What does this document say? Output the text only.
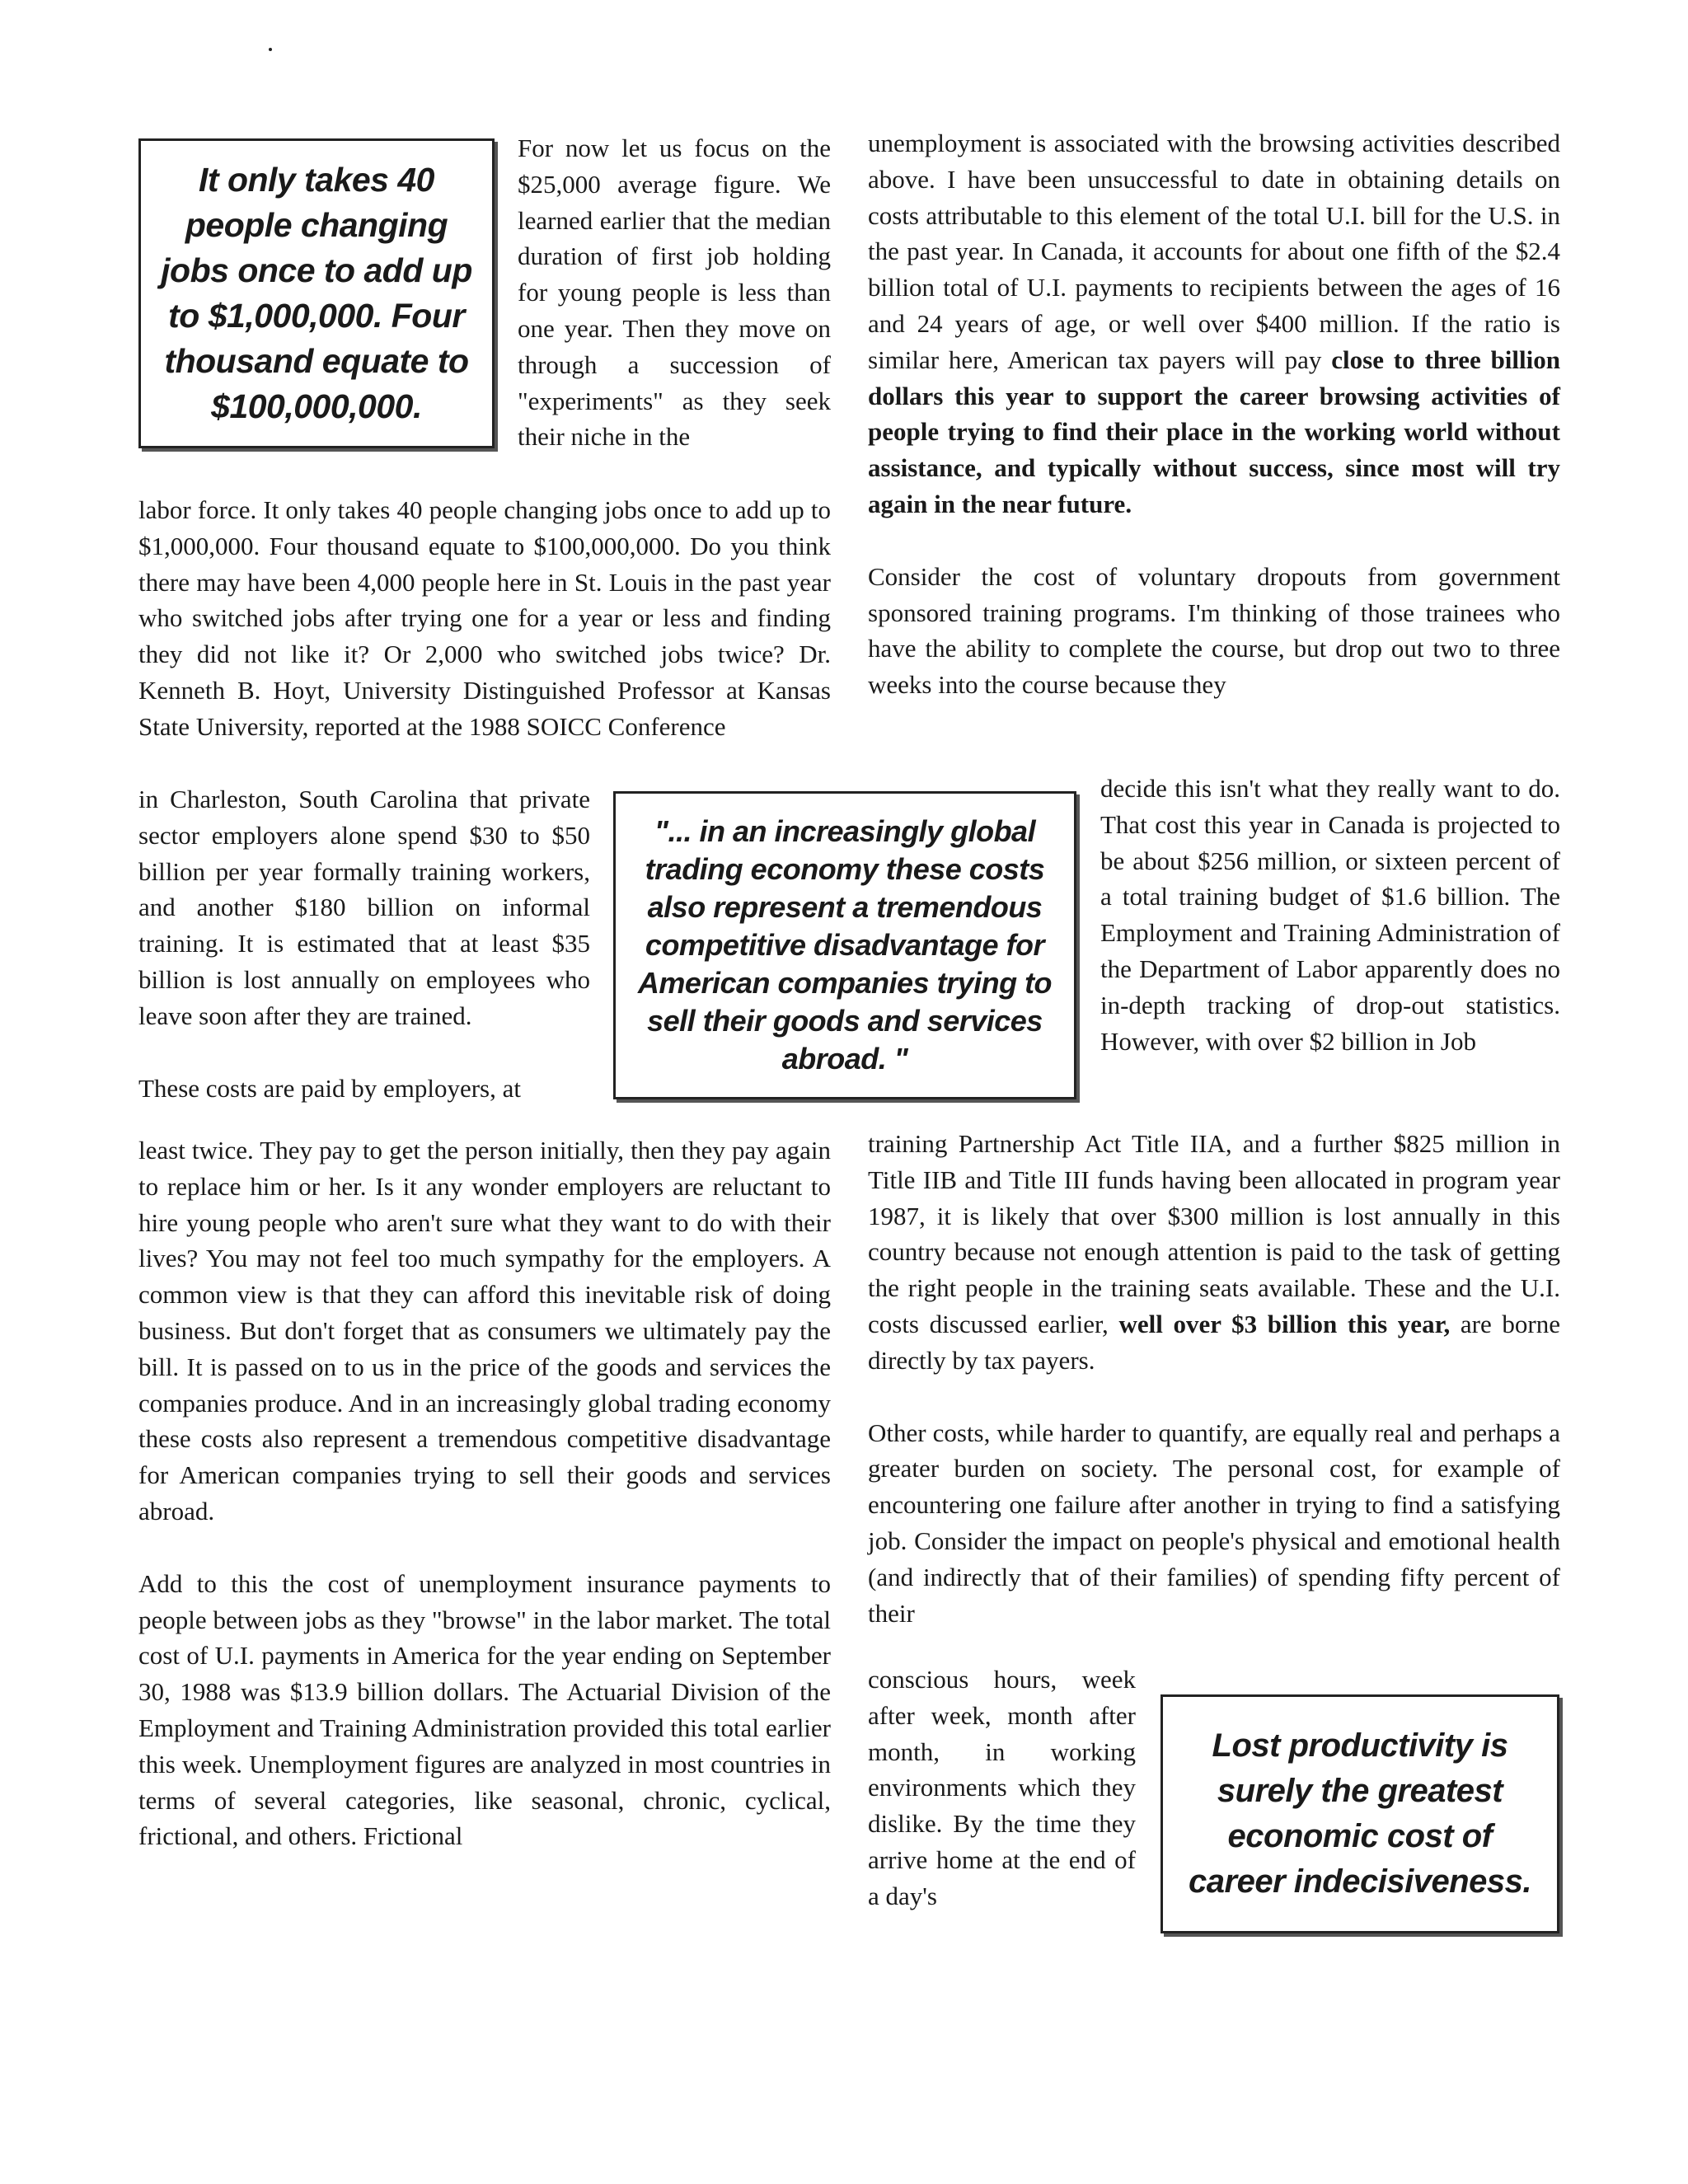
It only takes 40 people changing jobs once to add up to $1,000,000. Four thousand equate to $100,000,000.
"... in an increasingly global trading economy these costs also represent a tremendous competitive disadvantage for American companies trying to sell their goods and services abroad. "
Lost productivity is surely the greatest economic cost of career indecisiveness.

For now let us focus on the $25,000 average figure. We learned earlier that the median duration of first job holding for young people is less than one year. Then they move on through a succession of "experiments" as they seek their niche in the

labor force. It only takes 40 people changing jobs once to add up to $1,000,000. Four thousand equate to $100,000,000. Do you think there may have been 4,000 people here in St. Louis in the past year who switched jobs after trying one for a year or less and finding they did not like it? Or 2,000 who switched jobs twice? Dr. Kenneth B. Hoyt, University Distinguished Professor at Kansas State University, reported at the 1988 SOICC Conference

in Charleston, South Carolina that private sector employers alone spend $30 to $50 billion per year formally training workers, and another $180 billion on informal training. It is estimated that at least $35 billion is lost annually on employees who leave soon after they are trained.

These costs are paid by employers, at

least twice. They pay to get the person initially, then they pay again to replace him or her. Is it any wonder employers are reluctant to hire young people who aren't sure what they want to do with their lives? You may not feel too much sympathy for the employers. A common view is that they can afford this inevitable risk of doing business. But don't forget that as consumers we ultimately pay the bill. It is passed on to us in the price of the goods and services the companies produce. And in an increasingly global trading economy these costs also represent a tremendous competitive disadvantage for American companies trying to sell their goods and services abroad.

Add to this the cost of unemployment insurance payments to people between jobs as they "browse" in the labor market. The total cost of U.I. payments in America for the year ending on September 30, 1988 was $13.9 billion dollars. The Actuarial Division of the Employment and Training Administration provided this total earlier this week. Unemployment figures are analyzed in most countries in terms of several categories, like seasonal, chronic, cyclical, frictional, and others. Frictional

unemployment is associated with the browsing activities described above. I have been unsuccessful to date in obtaining details on costs attributable to this element of the total U.I. bill for the U.S. in the past year. In Canada, it accounts for about one fifth of the $2.4 billion total of U.I. payments to recipients between the ages of 16 and 24 years of age, or well over $400 million. If the ratio is similar here, American tax payers will pay close to three billion dollars this year to support the career browsing activities of people trying to find their place in the working world without assistance, and typically without success, since most will try again in the near future.

Consider the cost of voluntary dropouts from government sponsored training programs. I'm thinking of those trainees who have the ability to complete the course, but drop out two to three weeks into the course because they

decide this isn't what they really want to do. That cost this year in Canada is projected to be about $256 million, or sixteen percent of a total training budget of $1.6 billion. The Employment and Training Administration of the Department of Labor apparently does no in-depth tracking of drop-out statistics. However, with over $2 billion in Job

training Partnership Act Title IIA, and a further $825 million in Title IIB and Title III funds having been allocated in program year 1987, it is likely that over $300 million is lost annually in this country because not enough attention is paid to the task of getting the right people in the training seats available. These and the U.I. costs discussed earlier, well over $3 billion this year, are borne directly by tax payers.

Other costs, while harder to quantify, are equally real and perhaps a greater burden on society. The personal cost, for example of encountering one failure after another in trying to find a satisfying job. Consider the impact on people's physical and emotional health (and indirectly that of their families) of spending fifty percent of their

conscious hours, week after week, month after month, in working environments which they dislike. By the time they arrive home at the end of a day's
